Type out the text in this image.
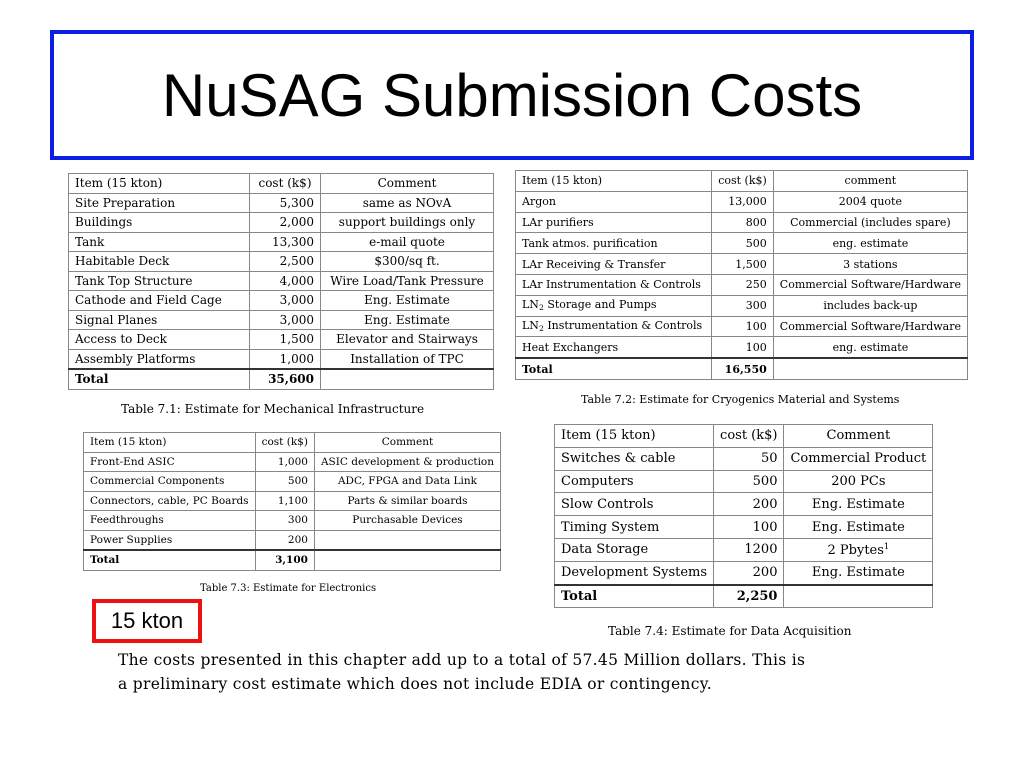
NuSAG Submission Costs
Item (15 kton)	cost (k$)	Comment
Site Preparation	5,300	same as NOvA
Buildings	2,000	support buildings only
Tank	13,300	e-mail quote
Habitable Deck	2,500	$300/sq ft.
Tank Top Structure	4,000	Wire Load/Tank Pressure
Cathode and Field Cage	3,000	Eng. Estimate
Signal Planes	3,000	Eng. Estimate
Access to Deck	1,500	Elevator and Stairways
Assembly Platforms	1,000	Installation of TPC
Total	35,600	
Table 7.1: Estimate for Mechanical Infrastructure
Item (15 kton)	cost (k$)	comment
Argon	13,000	2004 quote
LAr purifiers	800	Commercial (includes spare)
Tank atmos. purification	500	eng. estimate
LAr Receiving & Transfer	1,500	3 stations
LAr Instrumentation & Controls	250	Commercial Software/Hardware
$LN_2$ Storage and Pumps	300	includes back-up
$LN_2$ Instrumentation & Controls	100	Commercial Software/Hardware
Heat Exchangers	100	eng. estimate
Total	16,550	
Table 7.2: Estimate for Cryogenics Material and Systems
Item (15 kton)	cost (k$)	Comment
Front-End ASIC	1,000	ASIC development & production
Commercial Components	500	ADC, FPGA and Data Link
Connectors, cable, PC Boards	1,100	Parts & similar boards
Feedthroughs	300	Purchasable Devices
Power Supplies	200	
Total	3,100	
Table 7.3: Estimate for Electronics
Item (15 kton)	cost (k$)	Comment
Switches & cable	50	Commercial Product
Computers	500	200 PCs
Slow Controls	200	Eng. Estimate
Timing System	100	Eng. Estimate
Data Storage	1200	2 Pbytes$^1$
Development Systems	200	Eng. Estimate
Total	2,250	
Table 7.4: Estimate for Data Acquisition
15 kton

The costs presented in this chapter add up to a total of 57.45 Million dollars. This is

a preliminary cost estimate which does not include EDIA or contingency.
